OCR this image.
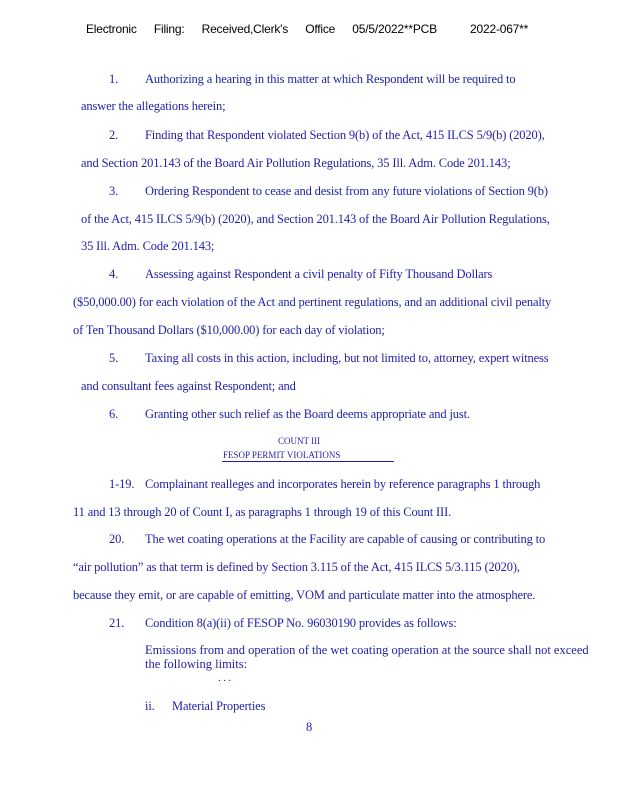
Electronic Filing: Received,Clerk's Office 05/5/2022**PCB	2022-067**
1. Authorizing a hearing in this matter at which Respondent will be required to
answer the allegations herein;
2. Finding that Respondent violated Section 9(b) of the Act, 415 ILCS 5/9(b) (2020),
and Section 201.143 of the Board Air Pollution Regulations, 35 Ill. Adm. Code 201.143;
3. Ordering Respondent to cease and desist from any future violations of Section 9(b)
of the Act, 415 ILCS 5/9(b) (2020), and Section 201.143 of the Board Air Pollution Regulations,
35 Ill. Adm. Code 201.143;
4. Assessing against Respondent a civil penalty of Fifty Thousand Dollars
($50,000.00) for each violation of the Act and pertinent regulations, and an additional civil penalty
of Ten Thousand Dollars ($10,000.00) for each day of violation;
5. Taxing all costs in this action, including, but not limited to, attorney, expert witness
and consultant fees against Respondent; and
6. Granting other such relief as the Board deems appropriate and just.
COUNT III
FESOP PERMIT VIOLATIONS
1-19. Complainant realleges and incorporates herein by reference paragraphs 1 through
11 and 13 through 20 of Count I, as paragraphs 1 through 19 of this Count III.
20. The wet coating operations at the Facility are capable of causing or contributing to
“air pollution” as that term is defined by Section 3.115 of the Act, 415 ILCS 5/3.115 (2020),
because they emit, or are capable of emitting, VOM and particulate matter into the atmosphere.
21. Condition 8(a)(ii) of FESOP No. 96030190 provides as follows:
Emissions from and operation of the wet coating operation at the source shall not exceed the following limits:
. . .
ii. Material Properties
8
